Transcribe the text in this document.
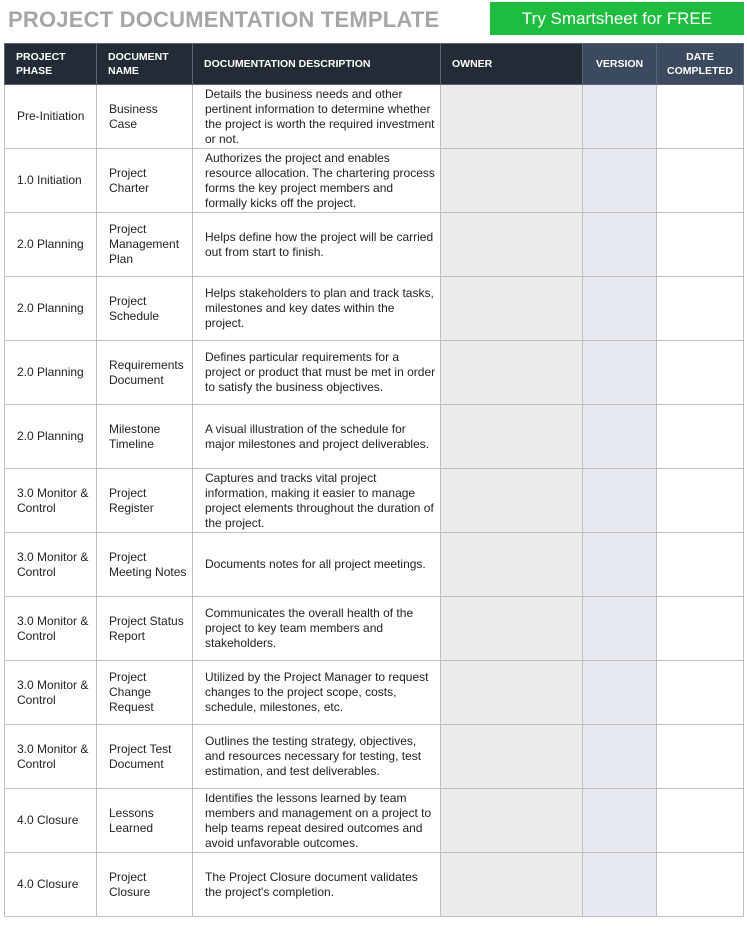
PROJECT DOCUMENTATION TEMPLATE	Try Smartsheet for FREE
PROJECT PHASE	DOCUMENT NAME	DOCUMENTATION DESCRIPTION	OWNER	VERSION	DATE COMPLETED
Pre-Initiation	Business Case	Details the business needs and other pertinent information to determine whether the project is worth the required investment or not.			
1.0 Initiation	Project Charter	Authorizes the project and enables resource allocation. The chartering process forms the key project members and formally kicks off the project.			
2.0 Planning	Project Management Plan	Helps define how the project will be carried out from start to finish.			
2.0 Planning	Project Schedule	Helps stakeholders to plan and track tasks, milestones and key dates within the project.			
2.0 Planning	Requirements Document	Defines particular requirements for a project or product that must be met in order to satisfy the business objectives.			
2.0 Planning	Milestone Timeline	A visual illustration of the schedule for major milestones and project deliverables.			
3.0 Monitor & Control	Project Register	Captures and tracks vital project information, making it easier to manage project elements throughout the duration of the project.			
3.0 Monitor & Control	Project Meeting Notes	Documents notes for all project meetings.			
3.0 Monitor & Control	Project Status Report	Communicates the overall health of the project to key team members and stakeholders.			
3.0 Monitor & Control	Project Change Request	Utilized by the Project Manager to request changes to the project scope, costs, schedule, milestones, etc.			
3.0 Monitor & Control	Project Test Document	Outlines the testing strategy, objectives, and resources necessary for testing, test estimation, and test deliverables.			
4.0 Closure	Lessons Learned	Identifies the lessons learned by team members and management on a project to help teams repeat desired outcomes and avoid unfavorable outcomes.			
4.0 Closure	Project Closure	The Project Closure document validates the project's completion.			
